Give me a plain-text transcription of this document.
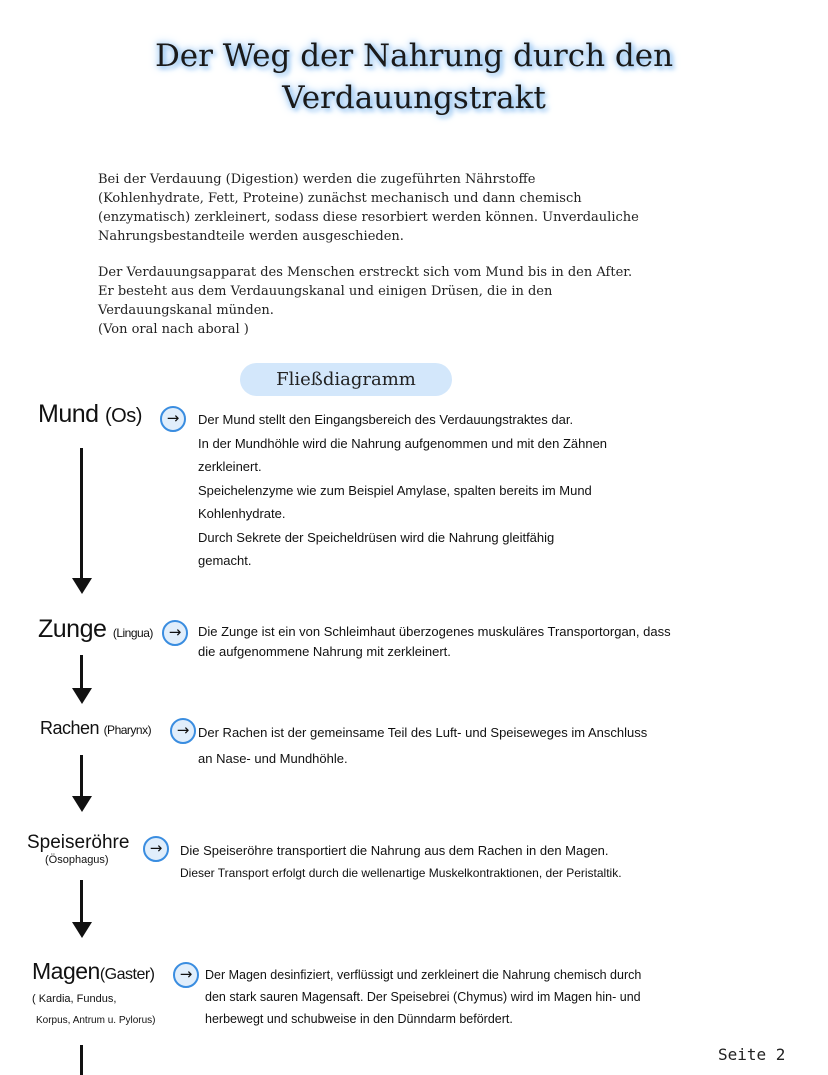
Der Weg der Nahrung durch den
Verdauungstrakt
Bei der Verdauung (Digestion) werden die zugeführten Nährstoffe
(Kohlenhydrate, Fett, Proteine) zunächst mechanisch und dann chemisch
(enzymatisch) zerkleinert, sodass diese resorbiert werden können. Unverdauliche
Nahrungsbestandteile werden ausgeschieden.
Der Verdauungsapparat des Menschen erstreckt sich vom Mund bis in den After.
Er besteht aus dem Verdauungskanal und einigen Drüsen, die in den
Verdauungskanal münden.
(Von oral nach aboral )
Fließdiagramm
Mund (Os)	→	Der Mund stellt den Eingangsbereich des Verdauungstraktes dar.
In der Mundhöhle wird die Nahrung aufgenommen und mit den Zähnen
zerkleinert.
Speichelenzyme wie zum Beispiel Amylase, spalten bereits im Mund
Kohlenhydrate.
Durch Sekrete der Speicheldrüsen wird die Nahrung gleitfähig
gemacht.
Zunge (Lingua)	→	Die Zunge ist ein von Schleimhaut überzogenes muskuläres Transportorgan, dass
die aufgenommene Nahrung mit zerkleinert.
Rachen (Pharynx)	→ Der Rachen ist der gemeinsame Teil des Luft- und Speiseweges im Anschluss
an Nase- und Mundhöhle.
Speiseröhre
(Ösophagus)
→	Die Speiseröhre transportiert die Nahrung aus dem Rachen in den Magen.
Dieser Transport erfolgt durch die wellenartige Muskelkontraktionen, der Peristaltik.
Magen(Gaster)
( Kardia, Fundus,
Korpus, Antrum u. Pylorus)
→	Der Magen desinfiziert, verflüssigt und zerkleinert die Nahrung chemisch durch
den stark sauren Magensaft. Der Speisebrei (Chymus) wird im Magen hin- und
herbewegt und schubweise in den Dünndarm befördert.
Seite 2
